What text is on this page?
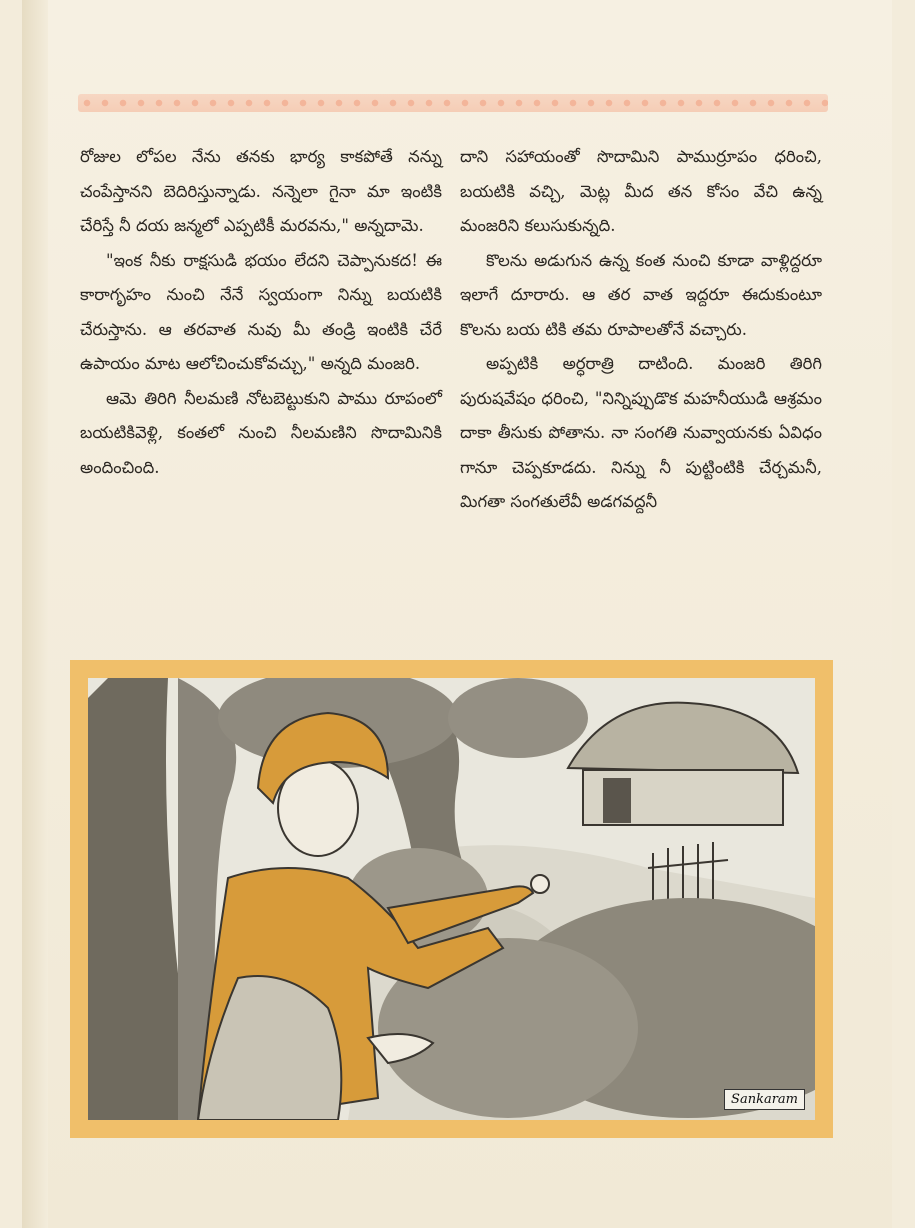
రోజుల లోపల నేను తనకు భార్య కాకపోతే నన్ను చంపేస్తానని బెదిరిస్తున్నాడు. నన్నెలా గైనా మా ఇంటికి చేరిస్తే నీ దయ జన్మలో ఎప్పటికీ మరవను," అన్నదామె.

"ఇంక నీకు రాక్షసుడి భయం లేదని చెప్పానుకద! ఈ కారాగృహం నుంచి నేనే స్వయంగా నిన్ను బయటికి చేరుస్తాను. ఆ తరవాత నువు మీ తండ్రి ఇంటికి చేరే ఉపాయం మాట ఆలోచించుకోవచ్చు," అన్నది మంజరి.

ఆమె తిరిగి నీలమణి నోటబెట్టుకుని పాము రూపంలో బయటికివెళ్లి, కంతలో నుంచి నీలమణిని సొదామినికి అందించింది.

దాని సహాయంతో సొదామిని పాముర్రూపం ధరించి, బయటికి వచ్చి, మెట్ల మీద తన కోసం వేచి ఉన్న మంజరిని కలుసుకున్నది.

కొలను అడుగున ఉన్న కంత నుంచి కూడా వాళ్లిద్దరూ ఇలాగే దూరారు. ఆ తర వాత ఇద్దరూ ఈదుకుంటూ కొలను బయ టికి తమ రూపాలతోనే వచ్చారు.

అప్పటికి అర్ధరాత్రి దాటింది. మంజరి తిరిగి పురుషవేషం ధరించి, "నిన్నిప్పుడొక మహనీయుడి ఆశ్రమం దాకా తీసుకు పోతాను. నా సంగతి నువ్వాయనకు ఏవిధం గానూ చెప్పకూడదు. నిన్ను నీ పుట్టింటికి చేర్చమనీ, మిగతా సంగతులేవీ అడగవద్దనీ

Sankaram
